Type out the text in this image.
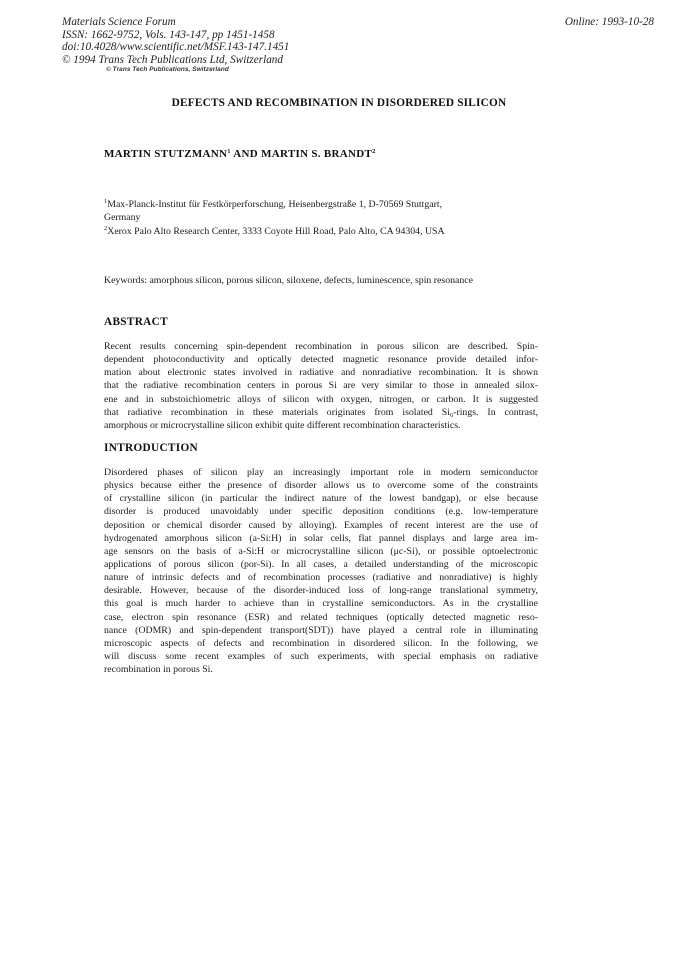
Materials Science Forum
ISSN: 1662-9752, Vols. 143-147, pp 1451-1458
doi:10.4028/www.scientific.net/MSF.143-147.1451
© 1994 Trans Tech Publications Ltd, Switzerland
Online: 1993-10-28
© Trans Tech Publications, Switzerland
DEFECTS AND RECOMBINATION IN DISORDERED SILICON
MARTIN STUTZMANN$^1$ AND MARTIN S. BRANDT$^2$
$^1$Max-Planck-Institut für Festkörperforschung, Heisenbergstraße 1, D-70569 Stuttgart,
Germany
$^2$Xerox Palo Alto Research Center, 3333 Coyote Hill Road, Palo Alto, CA 94304, USA
Keywords: amorphous silicon, porous silicon, siloxene, defects, luminescence, spin resonance
ABSTRACT
Recent results concerning spin-dependent recombination in porous silicon are described. Spin-
dependent photoconductivity and optically detected magnetic resonance provide detailed infor-
mation about electronic states involved in radiative and nonradiative recombination. It is shown
that the radiative recombination centers in porous Si are very similar to those in annealed silox-
ene and in substoichiometric alloys of silicon with oxygen, nitrogen, or carbon. It is suggested
that radiative recombination in these materials originates from isolated $Si_6$-rings. In contrast,
amorphous or microcrystalline silicon exhibit quite different recombination characteristics.
INTRODUCTION
Disordered phases of silicon play an increasingly important role in modern semiconductor
physics because either the presence of disorder allows us to overcome some of the constraints
of crystalline silicon (in particular the indirect nature of the lowest bandgap), or else because
disorder is produced unavoidably under specific deposition conditions (e.g. low-temperature
deposition or chemical disorder caused by alloying). Examples of recent interest are the use of
hydrogenated amorphous silicon (a-Si:H) in solar cells, flat pannel displays and large area im-
age sensors on the basis of a-Si:H or microcrystalline silicon (μc-Si), or possible optoelectronic
applications of porous silicon (por-Si). In all cases, a detailed understanding of the microscopic
nature of intrinsic defects and of recombination processes (radiative and nonradiative) is highly
desirable. However, because of the disorder-induced loss of long-range translational symmetry,
this goal is much harder to achieve than in crystalline semiconductors. As in the crystalline
case, electron spin resonance (ESR) and related techniques (optically detected magnetic reso-
nance (ODMR) and spin-dependent transport(SDT)) have played a central role in illuminating
microscopic aspects of defects and recombination in disordered silicon. In the following, we
will discuss some recent examples of such experiments, with special emphasis on radiative
recombination in porous Si.
